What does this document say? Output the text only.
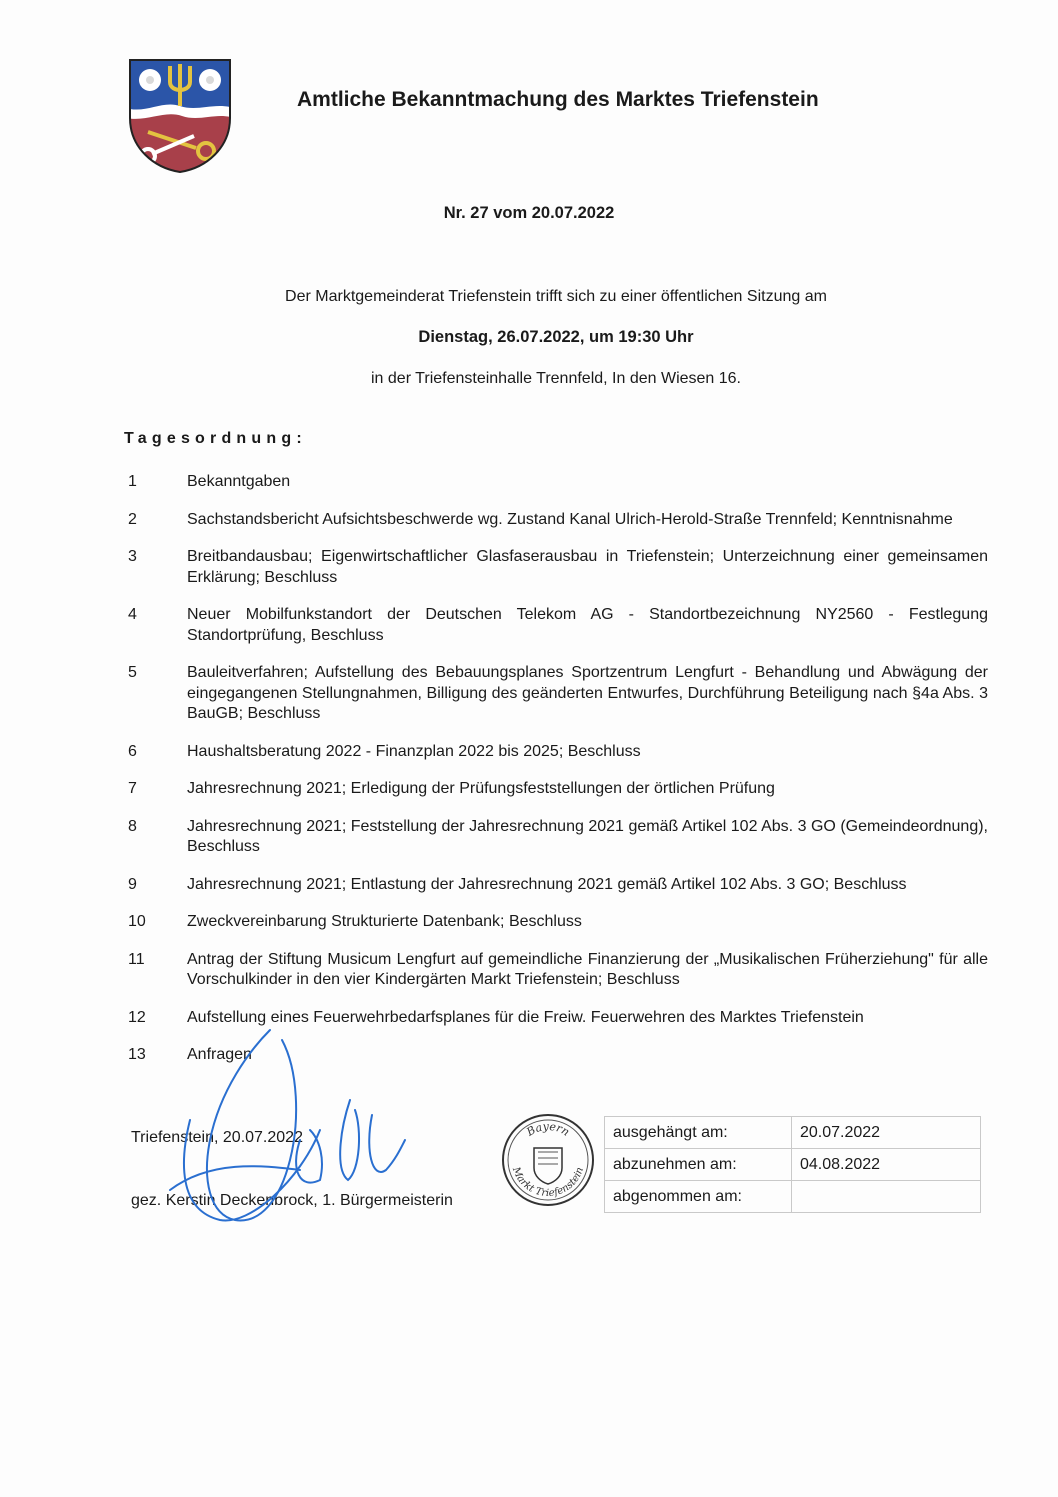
Amtliche Bekanntmachung des Marktes Triefenstein
Nr. 27 vom 20.07.2022
Der Marktgemeinderat Triefenstein trifft sich zu einer öffentlichen Sitzung am
Dienstag, 26.07.2022, um 19:30 Uhr
in der Triefensteinhalle Trennfeld, In den Wiesen 16.
Tagesordnung:
1	Bekanntgaben
2	Sachstandsbericht Aufsichtsbeschwerde wg. Zustand Kanal Ulrich-Herold-Straße Trennfeld; Kenntnisnahme
3	Breitbandausbau; Eigenwirtschaftlicher Glasfaserausbau in Triefenstein; Unterzeichnung einer gemeinsamen Erklärung; Beschluss
4	Neuer Mobilfunkstandort der Deutschen Telekom AG - Standortbezeichnung NY2560 - Festlegung Standortprüfung, Beschluss
5	Bauleitverfahren; Aufstellung des Bebauungsplanes Sportzentrum Lengfurt - Behandlung und Abwägung der eingegangenen Stellungnahmen, Billigung des geänderten Entwurfes, Durchführung Beteiligung nach §4a Abs. 3 BauGB; Beschluss
6	Haushaltsberatung 2022 - Finanzplan 2022 bis 2025; Beschluss
7	Jahresrechnung 2021; Erledigung der Prüfungsfeststellungen der örtlichen Prüfung
8	Jahresrechnung 2021; Feststellung der Jahresrechnung 2021 gemäß Artikel 102 Abs. 3 GO (Gemeindeordnung), Beschluss
9	Jahresrechnung 2021; Entlastung der Jahresrechnung 2021 gemäß Artikel 102 Abs. 3 GO; Beschluss
10	Zweckvereinbarung Strukturierte Datenbank; Beschluss
11	Antrag der Stiftung Musicum Lengfurt auf gemeindliche Finanzierung der „Musikalischen Früherziehung" für alle Vorschulkinder in den vier Kindergärten Markt Triefenstein; Beschluss
12	Aufstellung eines Feuerwehrbedarfsplanes für die Freiw. Feuerwehren des Marktes Triefenstein
13	Anfragen
Triefenstein, 20.07.2022
gez. Kerstin Deckenbrock, 1. Bürgermeisterin
Bayern
Markt Triefenstein
ausgehängt am:	20.07.2022
abzunehmen am:	04.08.2022
abgenommen am:	
